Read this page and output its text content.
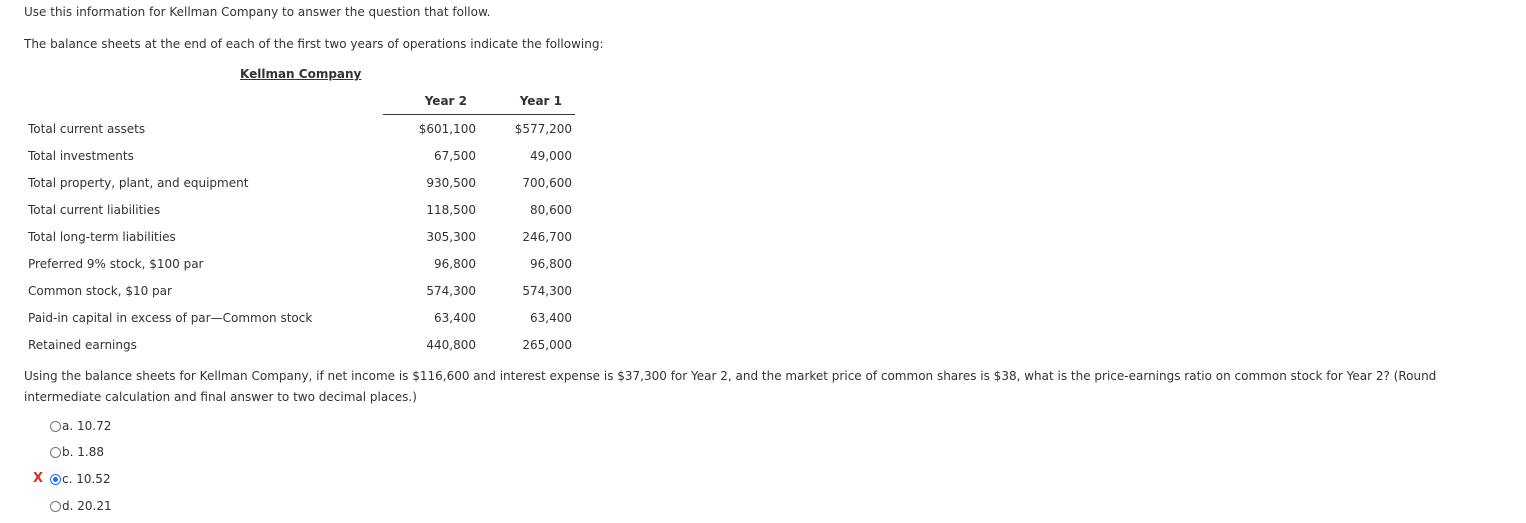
Use this information for Kellman Company to answer the question that follow.
The balance sheets at the end of each of the first two years of operations indicate the following:
Kellman Company
Year 2	Year 1
Total current assets	$601,100	$577,200
Total investments	67,500	49,000
Total property, plant, and equipment	930,500	700,600
Total current liabilities	118,500	80,600
Total long-term liabilities	305,300	246,700
Preferred 9% stock, $100 par	96,800	96,800
Common stock, $10 par	574,300	574,300
Paid-in capital in excess of par—Common stock	63,400	63,400
Retained earnings	440,800	265,000
Using the balance sheets for Kellman Company, if net income is $116,600 and interest expense is $37,300 for Year 2, and the market price of common shares is $38, what is the price-earnings ratio on common stock for Year 2? (Round intermediate calculation and final answer to two decimal places.)
X
a. 10.72
b. 1.88
c. 10.52
d. 20.21
